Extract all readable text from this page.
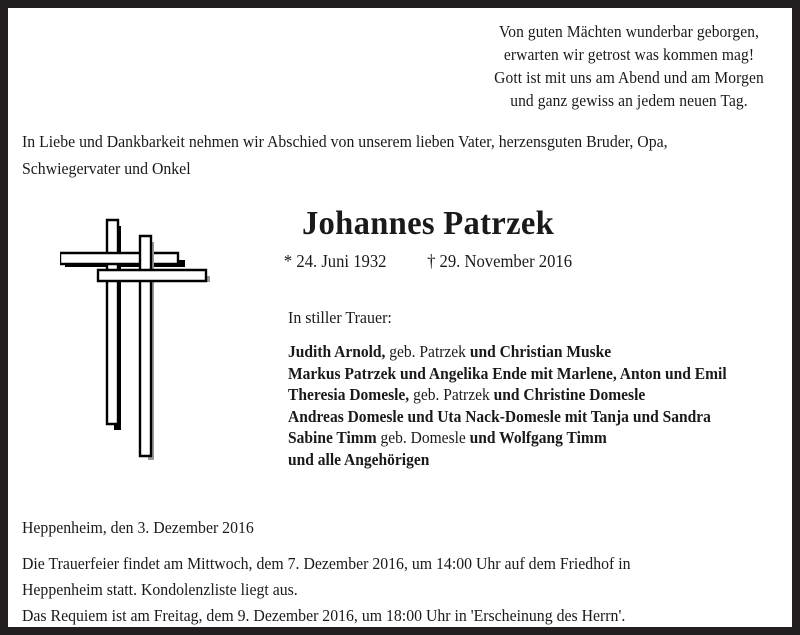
Von guten Mächten wunderbar geborgen,
erwarten wir getrost was kommen mag!
Gott ist mit uns am Abend und am Morgen
und ganz gewiss an jedem neuen Tag.
In Liebe und Dankbarkeit nehmen wir Abschied von unserem lieben Vater, herzensguten Bruder, Opa,
Schwiegervater und Onkel
Johannes Patrzek
* 24. Juni 1932 † 29. November 2016
In stiller Trauer:
Judith Arnold, geb. Patrzek und Christian Muske
Markus Patrzek und Angelika Ende mit Marlene, Anton und Emil
Theresia Domesle, geb. Patrzek und Christine Domesle
Andreas Domesle und Uta Nack-Domesle mit Tanja und Sandra
Sabine Timm geb. Domesle und Wolfgang Timm
und alle Angehörigen
Heppenheim, den 3. Dezember 2016
Die Trauerfeier findet am Mittwoch, dem 7. Dezember 2016, um 14:00 Uhr auf dem Friedhof in
Heppenheim statt. Kondolenzliste liegt aus.
Das Requiem ist am Freitag, dem 9. Dezember 2016, um 18:00 Uhr in 'Erscheinung des Herrn'.
